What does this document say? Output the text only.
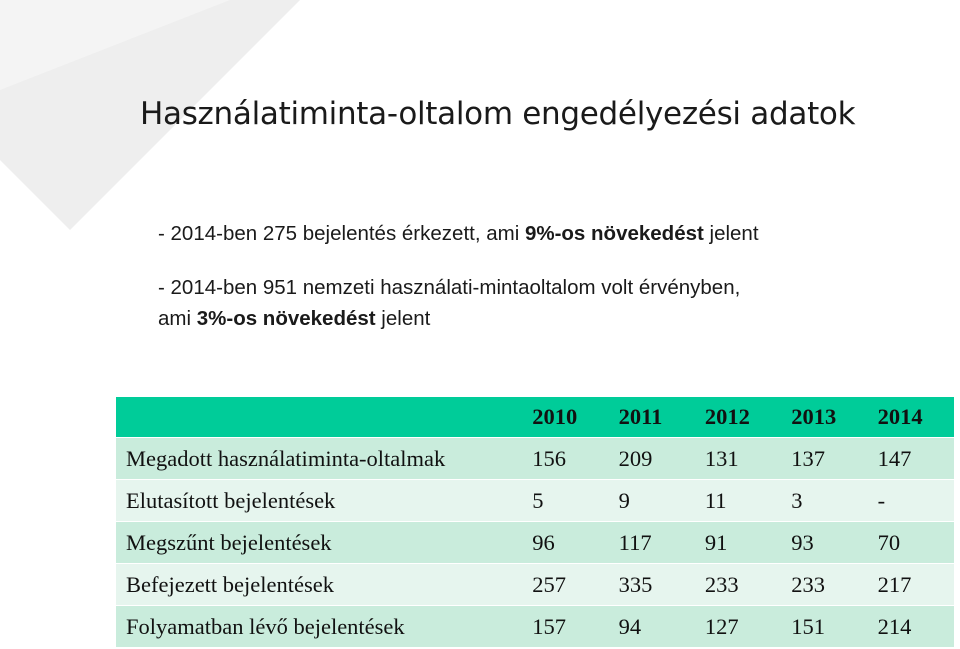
Használatiminta-oltalom engedélyezési adatok
- 2014-ben 275 bejelentés érkezett, ami 9%-os növekedést jelent
- 2014-ben 951 nemzeti használati-mintaoltalom volt érvényben,
ami 3%-os növekedést jelent
	2010	2011	2012	2013	2014
Megadott használatiminta-oltalmak	156	209	131	137	147
Elutasított bejelentések	5	9	11	3	-
Megszűnt bejelentések	96	117	91	93	70
Befejezett bejelentések	257	335	233	233	217
Folyamatban lévő bejelentések	157	94	127	151	214
